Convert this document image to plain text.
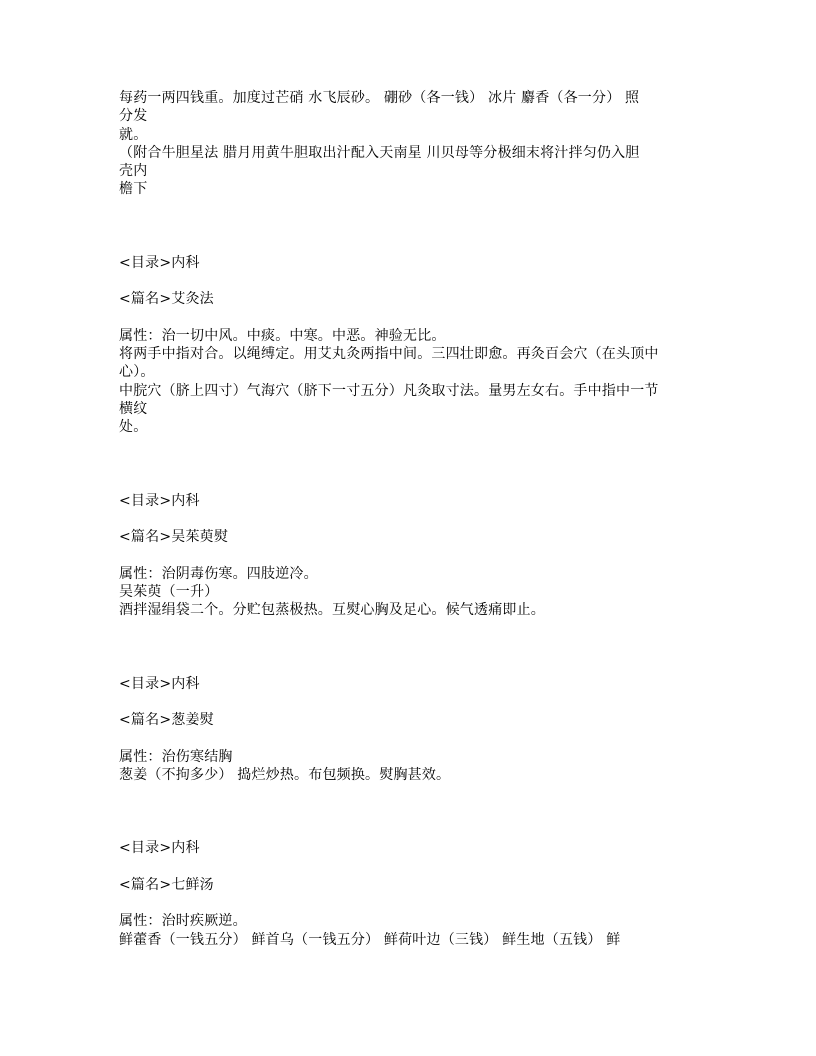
每药一两四钱重。加度过芒硝 水飞辰砂。 硼砂（各一钱） 冰片 麝香（各一分） 照
分发
就。
（附合牛胆星法 腊月用黄牛胆取出汁配入天南星 川贝母等分极细末将汁拌匀仍入胆
壳内
檐下
<目录>内科
<篇名>艾灸法
属性：治一切中风。中痰。中寒。中恶。神验无比。
将两手中指对合。以绳缚定。用艾丸灸两指中间。三四壮即愈。再灸百会穴（在头顶中
心）。
中脘穴（脐上四寸）气海穴（脐下一寸五分）凡灸取寸法。量男左女右。手中指中一节
横纹
处。
<目录>内科
<篇名>吴茱萸熨
属性：治阴毒伤寒。四肢逆冷。
吴茱萸（一升）
酒拌湿绢袋二个。分贮包蒸极热。互熨心胸及足心。候气透痛即止。
<目录>内科
<篇名>葱姜熨
属性：治伤寒结胸
葱姜（不拘多少） 捣烂炒热。布包频换。熨胸甚效。
<目录>内科
<篇名>七鲜汤
属性：治时疾厥逆。
鲜藿香（一钱五分） 鲜首乌（一钱五分） 鲜荷叶边（三钱） 鲜生地（五钱） 鲜
